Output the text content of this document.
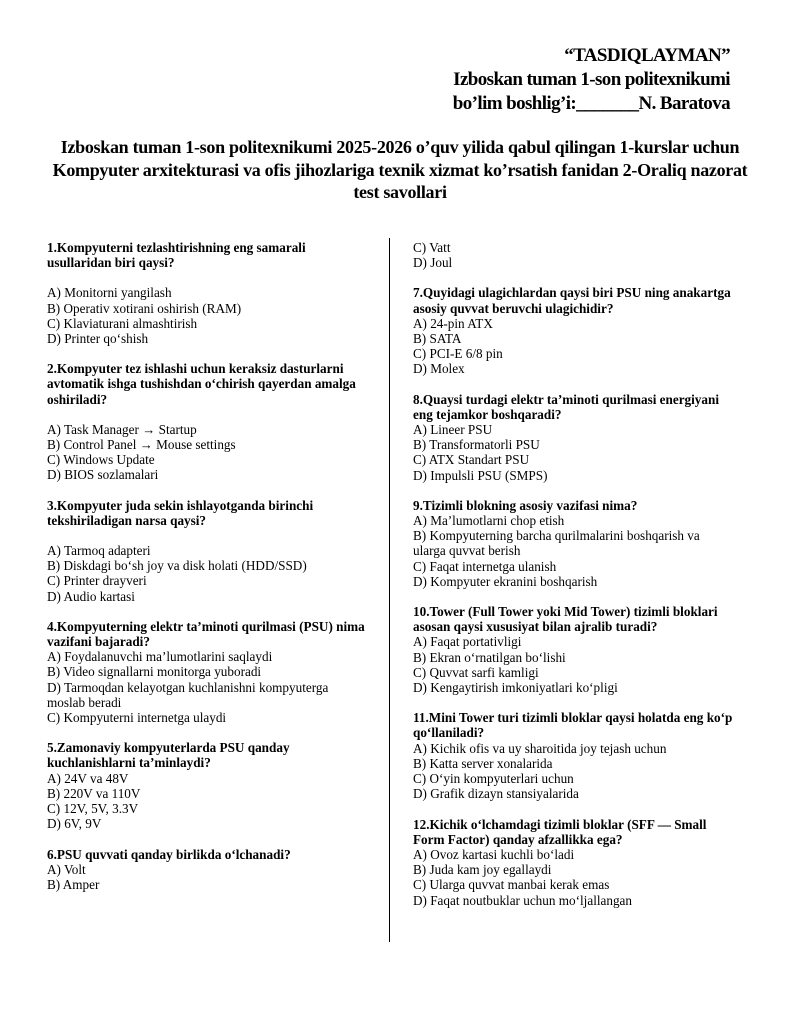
“TASDIQLAYMAN”
Izboskan tuman 1-son politexnikumi
bo’lim boshlig’i:_______N. Baratova
Izboskan tuman 1-son politexnikumi 2025-2026 o’quv yilida qabul qilingan 1-kurslar uchun
Kompyuter arxitekturasi va ofis jihozlariga texnik xizmat ko’rsatish fanidan 2-Oraliq nazorat
test savollari
1.Kompyuterni tezlashtirishning eng samarali
usullaridan biri qaysi?
A) Monitorni yangilash
B) Operativ xotirani oshirish (RAM)
C) Klaviaturani almashtirish
D) Printer qo‘shish
2.Kompyuter tez ishlashi uchun keraksiz dasturlarni
avtomatik ishga tushishdan o‘chirish qayerdan amalga
oshiriladi?
A) Task Manager → Startup
B) Control Panel → Mouse settings
C) Windows Update
D) BIOS sozlamalari
3.Kompyuter juda sekin ishlayotganda birinchi
tekshiriladigan narsa qaysi?
A) Tarmoq adapteri
B) Diskdagi bo‘sh joy va disk holati (HDD/SSD)
C) Printer drayveri
D) Audio kartasi
4.Kompyuterning elektr ta’minoti qurilmasi (PSU) nima
vazifani bajaradi?
A) Foydalanuvchi ma’lumotlarini saqlaydi
B) Video signallarni monitorga yuboradi
D) Tarmoqdan kelayotgan kuchlanishni kompyuterga
moslab beradi
C) Kompyuterni internetga ulaydi
5.Zamonaviy kompyuterlarda PSU qanday
kuchlanishlarni ta’minlaydi?
A) 24V va 48V
B) 220V va 110V
C) 12V, 5V, 3.3V
D) 6V, 9V
6.PSU quvvati qanday birlikda o‘lchanadi?
A) Volt
B) Amper
C) Vatt
D) Joul
7.Quyidagi ulagichlardan qaysi biri PSU ning anakartga
asosiy quvvat beruvchi ulagichidir?
A) 24-pin ATX
B) SATA
C) PCI-E 6/8 pin
D) Molex
8.Quaysi turdagi elektr ta’minoti qurilmasi energiyani
eng tejamkor boshqaradi?
A) Lineer PSU
B) Transformatorli PSU
C) ATX Standart PSU
D) Impulsli PSU (SMPS)
9.Tizimli blokning asosiy vazifasi nima?
A) Ma’lumotlarni chop etish
B) Kompyuterning barcha qurilmalarini boshqarish va
ularga quvvat berish
C) Faqat internetga ulanish
D) Kompyuter ekranini boshqarish
10.Tower (Full Tower yoki Mid Tower) tizimli bloklari
asosan qaysi xususiyat bilan ajralib turadi?
A) Faqat portativligi
B) Ekran o‘rnatilgan bo‘lishi
C) Quvvat sarfi kamligi
D) Kengaytirish imkoniyatlari ko‘pligi
11.Mini Tower turi tizimli bloklar qaysi holatda eng ko‘p
qo‘llaniladi?
A) Kichik ofis va uy sharoitida joy tejash uchun
B) Katta server xonalarida
C) O‘yin kompyuterlari uchun
D) Grafik dizayn stansiyalarida
12.Kichik o‘lchamdagi tizimli bloklar (SFF — Small
Form Factor) qanday afzallikka ega?
A) Ovoz kartasi kuchli bo‘ladi
B) Juda kam joy egallaydi
C) Ularga quvvat manbai kerak emas
D) Faqat noutbuklar uchun mo‘ljallangan
